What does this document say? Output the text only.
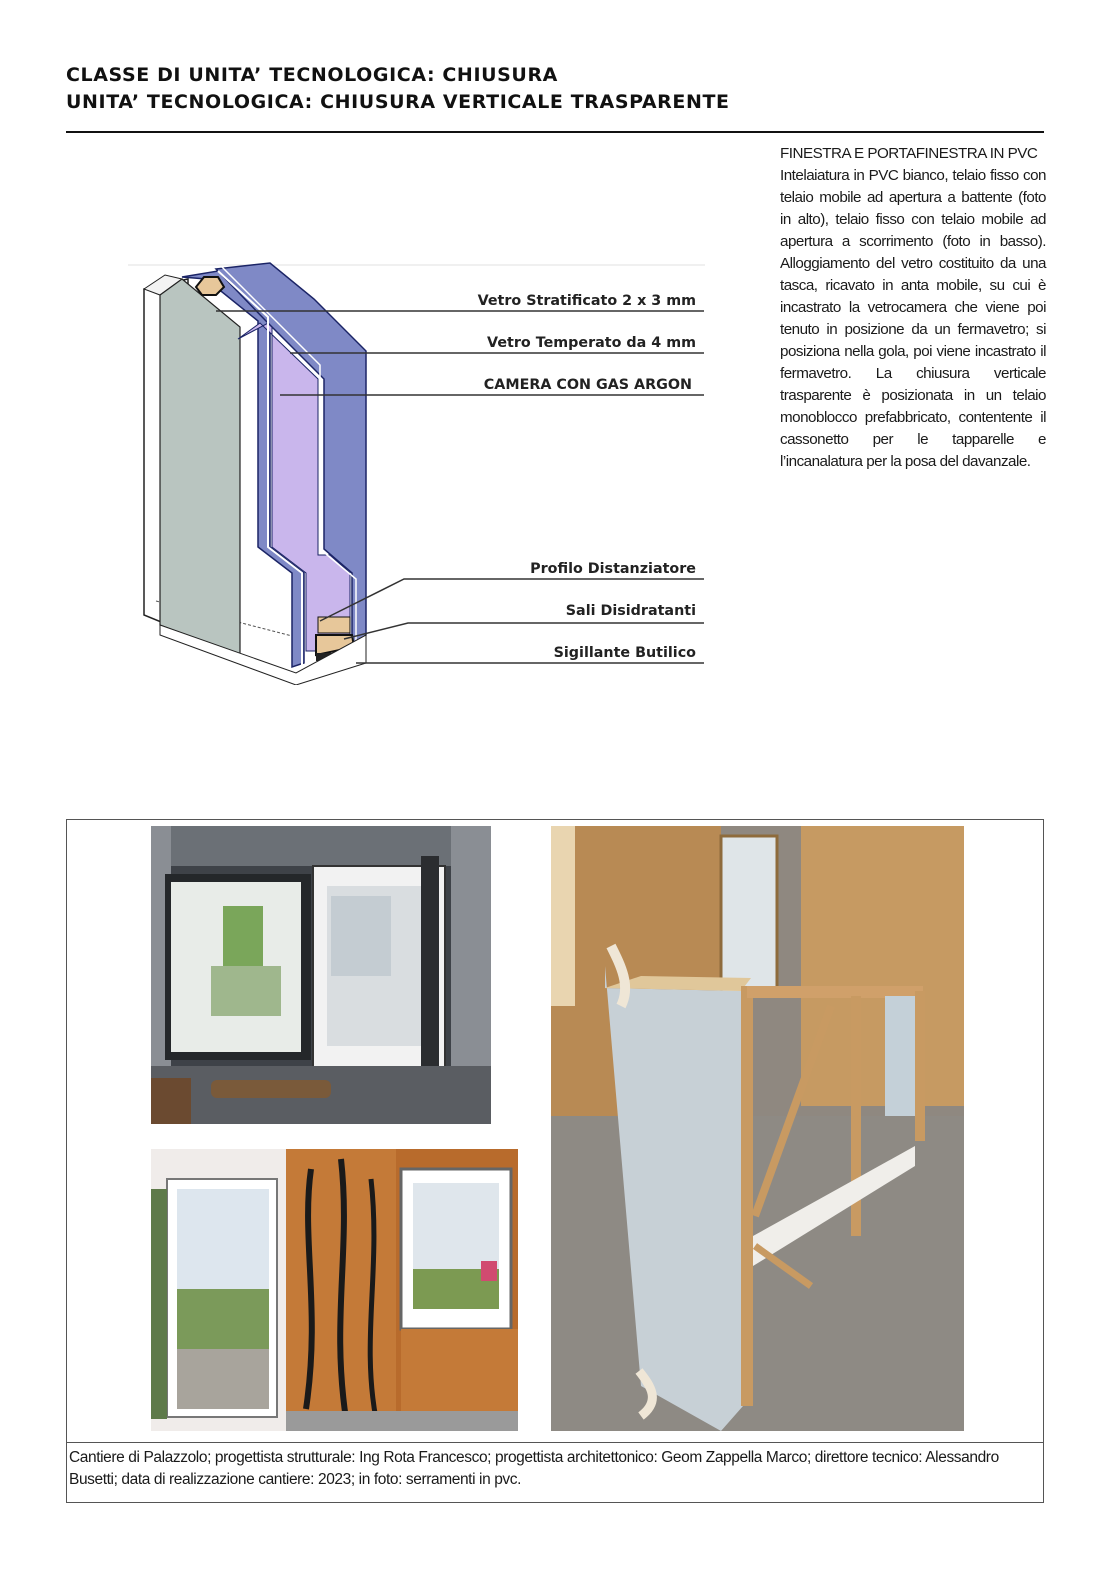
CLASSE DI UNITA’ TECNOLOGICA: CHIUSURA
UNITA’ TECNOLOGICA: CHIUSURA VERTICALE TRASPARENTE

FINESTRA E PORTAFINESTRA IN PVC

Intelaiatura in PVC bianco, telaio fisso con telaio mobile ad apertura a battente (foto in alto), telaio fisso con telaio mobile ad apertura a scorrimento (foto in basso). Alloggiamento del vetro costituito da una tasca, ricavato in anta mobile, su cui è incastrato la vetrocamera che viene poi tenuto in posizione da un fermavetro; si posiziona nella gola, poi viene incastrato il fermavetro. La chiusura verticale trasparente è posizionata in un telaio monoblocco prefabbricato, contentente il cassonetto per le tapparelle e l’incanalatura per la posa del davanzale.

Vetro Stratificato 2 x 3 mm
Vetro Temperato da 4 mm
CAMERA CON GAS ARGON
Profilo Distanziatore
Sali Disidratanti
Sigillante Butilico
Cantiere di Palazzolo; progettista strutturale: Ing Rota Francesco; progettista architettonico: Geom Zappella Marco; direttore tecnico: Alessandro Busetti; data di realizzazione cantiere: 2023; in foto: serramenti in pvc.
